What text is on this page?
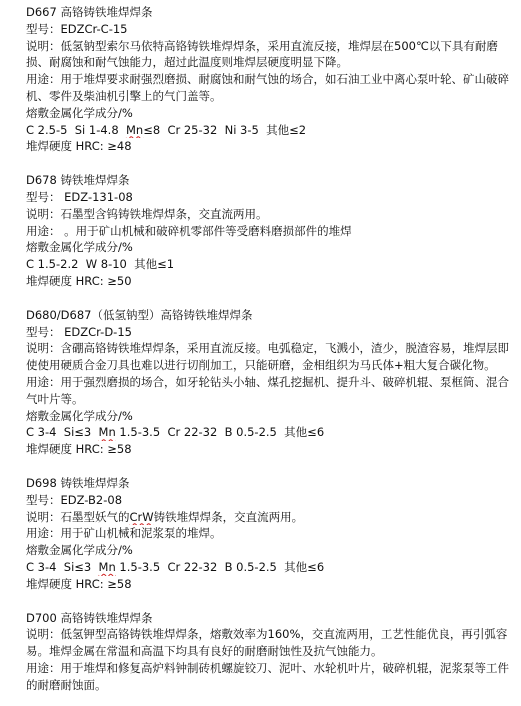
D667 高铬铸铁堆焊焊条
型号：EDZCr-C-15
说明：低氢钠型索尔马依特高铬铸铁堆焊焊条，采用直流反接，堆焊层在500℃以下具有耐磨损、耐腐蚀和耐气蚀能力，超过此温度则堆焊层硬度明显下降。
用途：用于堆焊要求耐强烈磨损、耐腐蚀和耐气蚀的场合，如石油工业中离心泵叶轮、矿山破碎机、零件及柴油机引擎上的气门盖等。
熔敷金属化学成分/%
C 2.5-5  Si 1-4.8  Mn≤8  Cr 25-32  Ni 3-5  其他≤2
堆焊硬度 HRC: ≥48
D678 铸铁堆焊焊条
型号： EDZ-131-08
说明：石墨型含钨铸铁堆焊焊条，交直流两用。
用途： 。用于矿山机械和破碎机零部件等受磨料磨损部件的堆焊
熔敷金属化学成分/%
C 1.5-2.2  W 8-10  其他≤1
堆焊硬度 HRC: ≥50
D680/D687（低氢钠型）高铬铸铁堆焊焊条
型号： EDZCr-D-15
说明：含硼高铬铸铁堆焊焊条，采用直流反接。电弧稳定，飞溅小，渣少，脱渣容易，堆焊层即使使用硬质合金刀具也难以进行切削加工，只能研磨，金相组织为马氏体+粗大复合碳化物。
用途：用于强烈磨损的场合，如牙轮钻头小轴、煤孔挖掘机、提升斗、破碎机辊、泵框筒、混合气叶片等。
熔敷金属化学成分/%
C 3-4  Si≤3  Mn 1.5-3.5  Cr 22-32  B 0.5-2.5  其他≤6
堆焊硬度 HRC: ≥58
D698 铸铁堆焊焊条
型号：EDZ-B2-08
说明：石墨型妖气的CrW铸铁堆焊焊条，交直流两用。
用途：用于矿山机械和泥浆泵的堆焊。
熔敷金属化学成分/%
C 3-4  Si≤3  Mn 1.5-3.5  Cr 22-32  B 0.5-2.5  其他≤6
堆焊硬度 HRC: ≥58
D700 高铬铸铁堆焊焊条
说明：低氢钾型高铬铸铁堆焊焊条，熔敷效率为160%，交直流两用，工艺性能优良，再引弧容易。堆焊金属在常温和高温下均具有良好的耐磨耐蚀性及抗气蚀能力。
用途：用于堆焊和修复高炉料钟制砖机螺旋铰刀、泥叶、水轮机叶片，破碎机辊，泥浆泵等工件的耐磨耐蚀面。
